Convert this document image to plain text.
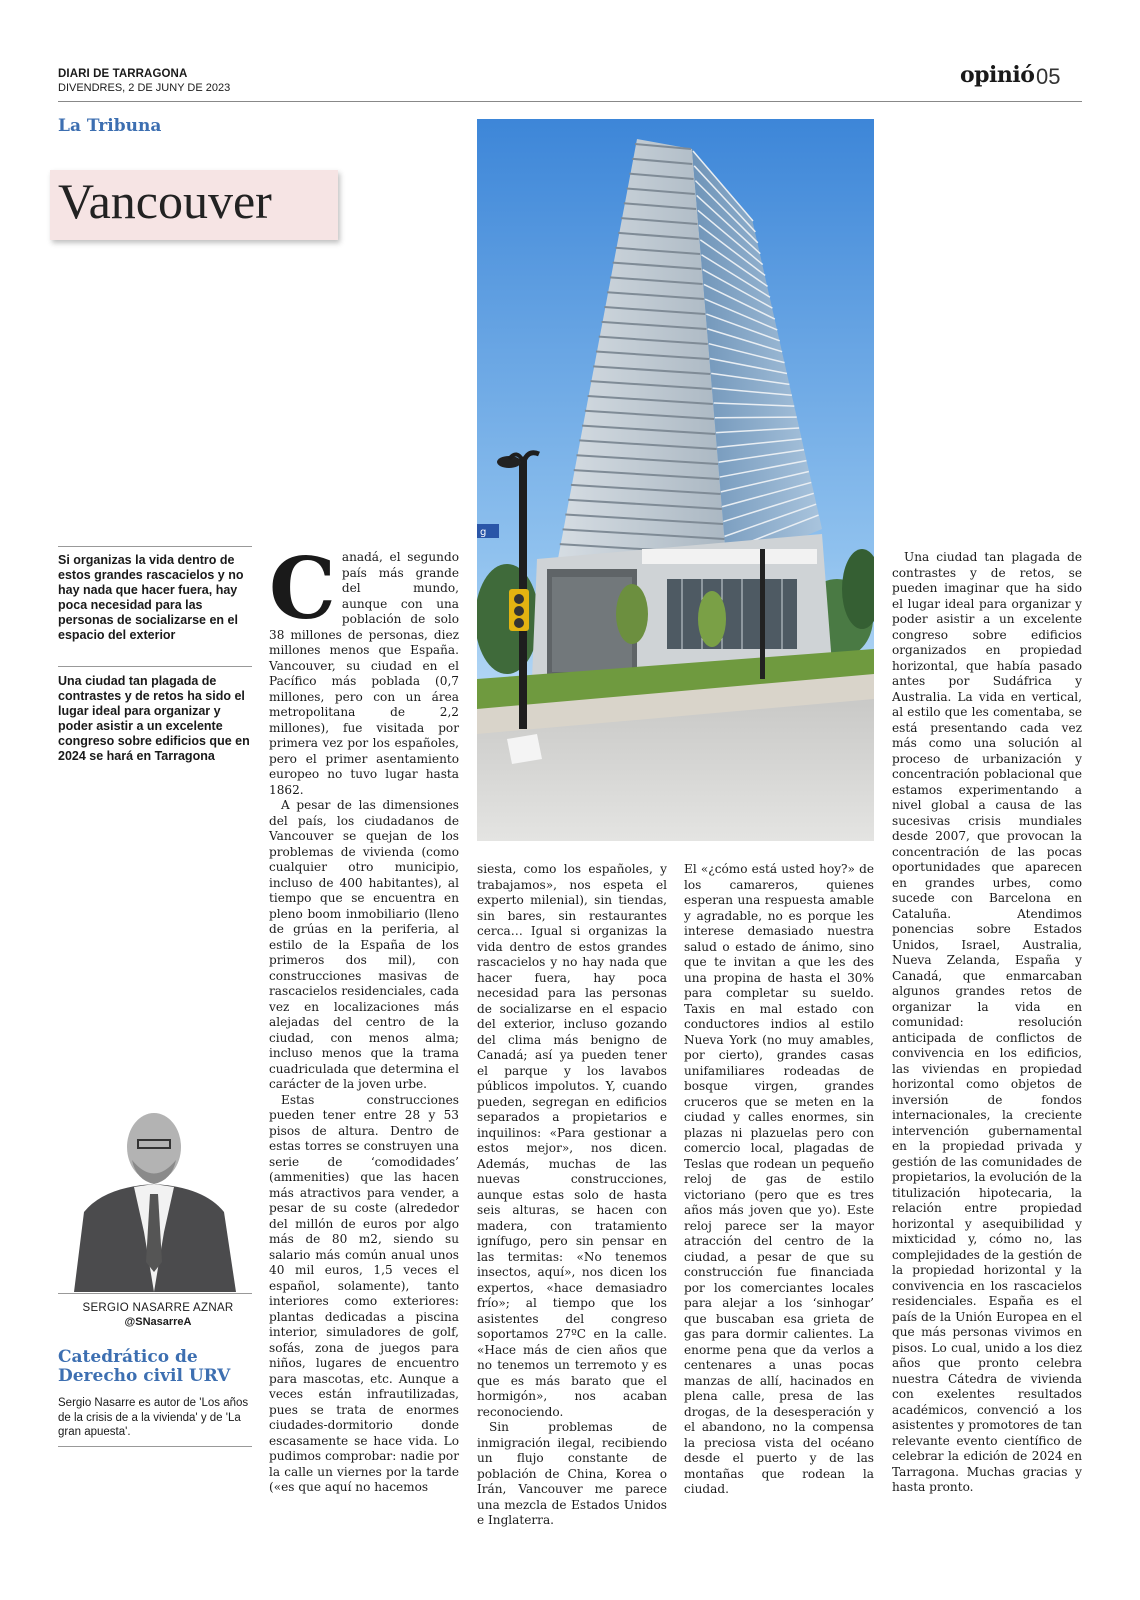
DIARI DE TARRAGONA
DIVENDRES, 2 DE JUNY DE 2023	opinió 05
La Tribuna
Vancouver
g
Si organizas la vida dentro de estos grandes rascacielos y no hay nada que hacer fuera, hay poca necesidad para las personas de socializarse en el espacio del exterior
Una ciudad tan plagada de contrastes y de retos ha sido el lugar ideal para organizar y poder asistir a un excelente congreso sobre edificios que en 2024 se hará en Tarragona
SERGIO NASARRE AZNAR
@SNasarreA
Catedrático de Derecho civil URV
Sergio Nasarre es autor de 'Los años de la crisis de a la vivienda' y de 'La gran apuesta'.
C anadá, el segundo país más grande del mundo, aunque con una población de solo 38 millones de personas, diez millones menos que España. Vancouver, su ciudad en el Pacífico más poblada (0,7 millones, pero con un área metropolitana de 2,2 millones), fue visitada por primera vez por los españoles, pero el primer asentamiento europeo no tuvo lugar hasta 1862.

A pesar de las dimensiones del país, los ciudadanos de Vancouver se quejan de los problemas de vivienda (como cualquier otro municipio, incluso de 400 habitantes), al tiempo que se encuentra en pleno boom inmobiliario (lleno de grúas en la periferia, al estilo de la España de los primeros dos mil), con construcciones masivas de rascacielos residenciales, cada vez en localizaciones más alejadas del centro de la ciudad, con menos alma; incluso menos que la trama cuadriculada que determina el carácter de la joven urbe.

Estas construcciones pueden tener entre 28 y 53 pisos de altura. Dentro de estas torres se construyen una serie de ‘comodidades’ (ammenities) que las hacen más atractivos para vender, a pesar de su coste (alrededor del millón de euros por algo más de 80 m2, siendo su salario más común anual unos 40 mil euros, 1,5 veces el español, solamente), tanto interiores como exteriores: plantas dedicadas a piscina interior, simuladores de golf, sofás, zona de juegos para niños, lugares de encuentro para mascotas, etc. Aunque a veces están infrautilizadas, pues se trata de enormes ciudades-dormitorio donde escasamente se hace vida. Lo pudimos comprobar: nadie por la calle un viernes por la tarde («es que aquí no hacemos

siesta, como los españoles, y trabajamos», nos espeta el experto milenial), sin tiendas, sin bares, sin restaurantes cerca… Igual si organizas la vida dentro de estos grandes rascacielos y no hay nada que hacer fuera, hay poca necesidad para las personas de socializarse en el espacio del exterior, incluso gozando del clima más benigno de Canadá; así ya pueden tener el parque y los lavabos públicos impolutos. Y, cuando pueden, segregan en edificios separados a propietarios e inquilinos: «Para gestionar a estos mejor», nos dicen. Además, muchas de las nuevas construcciones, aunque estas solo de hasta seis alturas, se hacen con madera, con tratamiento ignífugo, pero sin pensar en las termitas: «No tenemos insectos, aquí», nos dicen los expertos, «hace demasiadro frío»; al tiempo que los asistentes del congreso soportamos 27ºC en la calle. «Hace más de cien años que no tenemos un terremoto y es que es más barato que el hormigón», nos acaban reconociendo.

Sin problemas de inmigración ilegal, recibiendo un flujo constante de población de China, Korea o Irán, Vancouver me parece una mezcla de Estados Unidos e Inglaterra.

El «¿cómo está usted hoy?» de los camareros, quienes esperan una respuesta amable y agradable, no es porque les interese demasiado nuestra salud o estado de ánimo, sino que te invitan a que les des una propina de hasta el 30% para completar su sueldo. Taxis en mal estado con conductores indios al estilo Nueva York (no muy amables, por cierto), grandes casas unifamiliares rodeadas de bosque virgen, grandes cruceros que se meten en la ciudad y calles enormes, sin plazas ni plazuelas pero con comercio local, plagadas de Teslas que rodean un pequeño reloj de gas de estilo victoriano (pero que es tres años más joven que yo). Este reloj parece ser la mayor atracción del centro de la ciudad, a pesar de que su construcción fue financiada por los comerciantes locales para alejar a los ‘sinhogar’ que buscaban esa grieta de gas para dormir calientes. La enorme pena que da verlos a centenares a unas pocas manzas de allí, hacinados en plena calle, presa de las drogas, de la desesperación y el abandono, no la compensa la preciosa vista del océano desde el puerto y de las montañas que rodean la ciudad.

Una ciudad tan plagada de contrastes y de retos, se pueden imaginar que ha sido el lugar ideal para organizar y poder asistir a un excelente congreso sobre edificios organizados en propiedad horizontal, que había pasado antes por Sudáfrica y Australia. La vida en vertical, al estilo que les comentaba, se está presentando cada vez más como una solución al proceso de urbanización y concentración poblacional que estamos experimentando a nivel global a causa de las sucesivas crisis mundiales desde 2007, que provocan la concentración de las pocas oportunidades que aparecen en grandes urbes, como sucede con Barcelona en Cataluña. Atendimos ponencias sobre Estados Unidos, Israel, Australia, Nueva Zelanda, España y Canadá, que enmarcaban algunos grandes retos de organizar la vida en comunidad: resolución anticipada de conflictos de convivencia en los edificios, las viviendas en propiedad horizontal como objetos de inversión de fondos internacionales, la creciente intervención gubernamental en la propiedad privada y gestión de las comunidades de propietarios, la evolución de la titulización hipotecaria, la relación entre propiedad horizontal y asequibilidad y mixticidad y, cómo no, las complejidades de la gestión de la propiedad horizontal y la convivencia en los rascacielos residenciales. España es el país de la Unión Europea en el que más personas vivimos en pisos. Lo cual, unido a los diez años que pronto celebra nuestra Cátedra de vivienda con exelentes resultados académicos, convenció a los asistentes y promotores de tan relevante evento científico de celebrar la edición de 2024 en Tarragona. Muchas gracias y hasta pronto.
